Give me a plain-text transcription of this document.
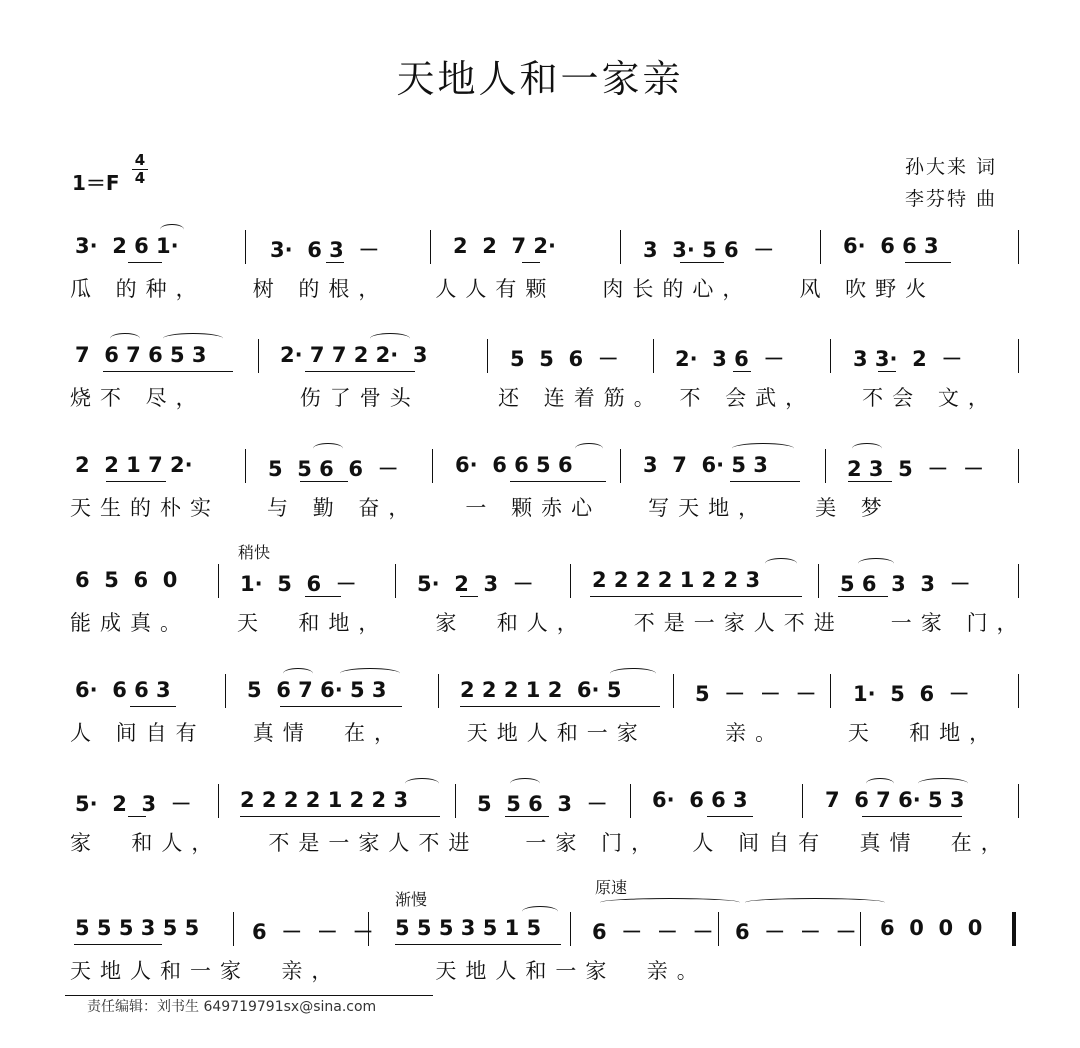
天地人和一家亲
孙大来 词
李芬特 曲
$1=F \frac{4}{4}$
3·  2 6 1·	3·  6 3  －	2  2  7 2·	3  3· 5 6  －	6·  6 6 3
瓜 的种，   树 的根，   人人有颗   肉长的心，   风 吹野火
7  6 7 6 5 3	2· 7 7 2 2·  3	5  5  6  －	2·  3 6  －	3 3·  2  －
烧不 尽，      伤了骨头     还 连着筋。 不 会武，   不会 文，
2  2 1 7 2·	5  5 6  6  －	6·  6 6 5 6	3  7  6· 5 3	2 3  5  －  －
天生的朴实   与 勤 奋，   一 颗赤心   写天地，   美 梦
稍快
6  5  6  0	1·  5  6  －	5·  2  3  －	2 2 2 2 1 2 2 3	5 6  3  3  －
能成真。   天  和地，   家  和人，   不是一家人不进   一家 门，
6·  6 6 3	5  6 7 6· 5 3	2 2 2 1 2  6· 5	5  －  －  － 1·  5  6  －
人 间自有   真情  在，    天地人和一家     亲。    天  和地，
5·  2  3  － 2 2 2 2 1 2 2 3	5  5 6  3  － 6·  6 6 3	7  6 7 6· 5 3
家  和人，   不是一家人不进   一家 门，  人 间自有  真情  在，
渐慢
原速
5 5 5 3 5 5	6  －  －  － 5 5 5 3 5 1 5 6  －  －  － 6  －  －  － 6  0  0  0
天地人和一家  亲，      天地人和一家  亲。
责任编辑：刘书生 649719791sx@sina.com
